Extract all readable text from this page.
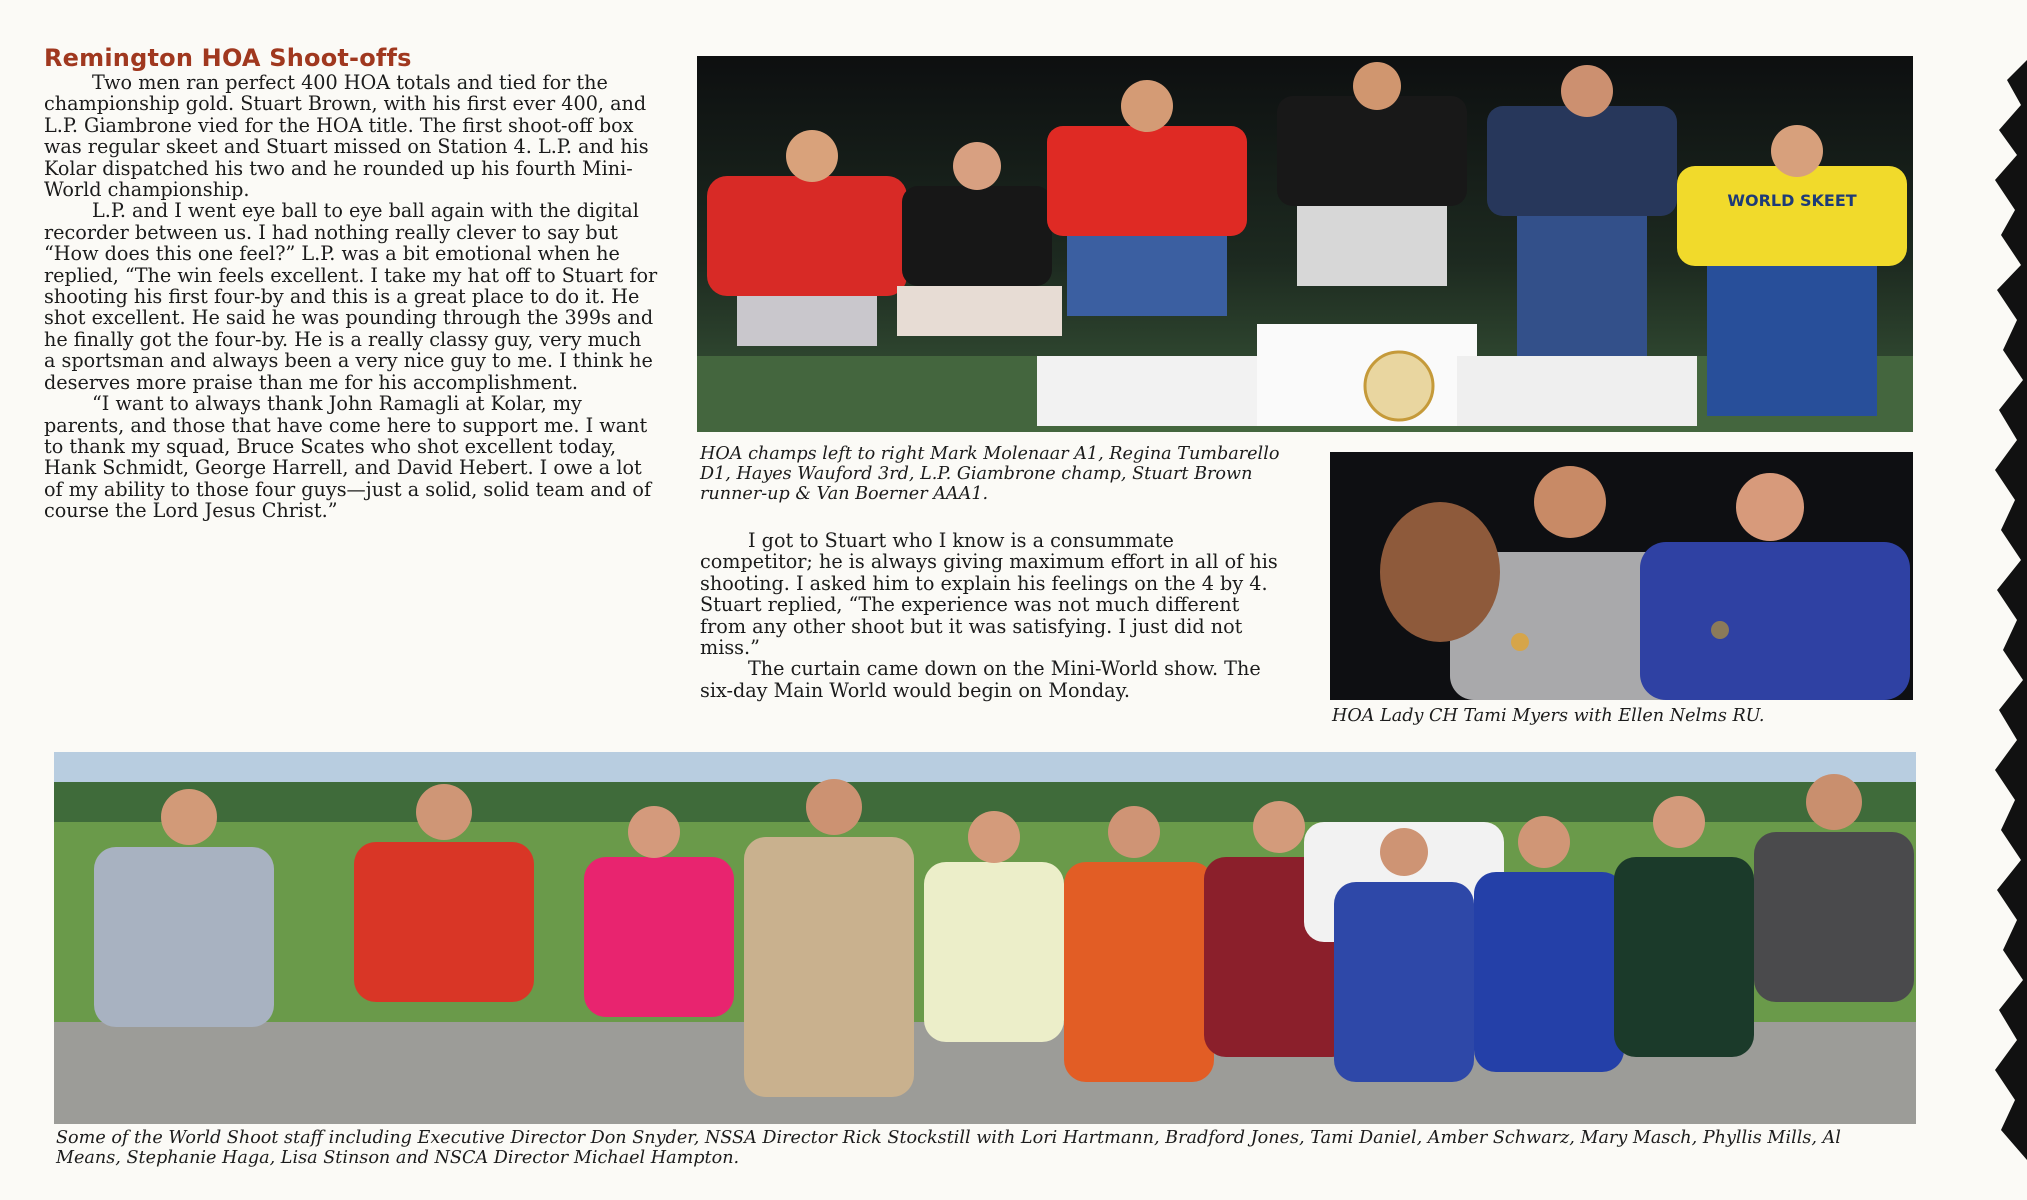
Remington HOA Shoot-offs

Two men ran perfect 400 HOA totals and tied for the championship gold. Stuart Brown, with his first ever 400, and L.P. Giambrone vied for the HOA title. The first shoot-off box was regular skeet and Stuart missed on Station 4. L.P. and his Kolar dispatched his two and he rounded up his fourth Mini-World championship.

L.P. and I went eye ball to eye ball again with the digital recorder between us. I had nothing really clever to say but “How does this one feel?” L.P. was a bit emotional when he replied, “The win feels excellent. I take my hat off to Stuart for shooting his first four-by and this is a great place to do it. He shot excellent. He said he was pounding through the 399s and he finally got the four-by. He is a really classy guy, very much a sportsman and always been a very nice guy to me. I think he deserves more praise than me for his accomplishment.

“I want to always thank John Ramagli at Kolar, my parents, and those that have come here to support me. I want to thank my squad, Bruce Scates who shot excellent today, Hank Schmidt, George Harrell, and David Hebert. I owe a lot of my ability to those four guys—just a solid, solid team and of course the Lord Jesus Christ.”

WORLD SKEET

HOA champs left to right Mark Molenaar A1, Regina Tumbarello D1, Hayes Wauford 3rd, L.P. Giambrone champ, Stuart Brown runner-up & Van Boerner AAA1.

I got to Stuart who I know is a consummate competitor; he is always giving maximum effort in all of his shooting. I asked him to explain his feelings on the 4 by 4. Stuart replied, “The experience was not much different from any other shoot but it was satisfying. I just did not miss.”

The curtain came down on the Mini-World show. The six-day Main World would begin on Monday.

HOA Lady CH Tami Myers with Ellen Nelms RU.

Some of the World Shoot staff including Executive Director Don Snyder, NSSA Director Rick Stockstill with Lori Hartmann, Bradford Jones, Tami Daniel, Amber Schwarz, Mary Masch, Phyllis Mills, Al Means, Stephanie Haga, Lisa Stinson and NSCA Director Michael Hampton.
